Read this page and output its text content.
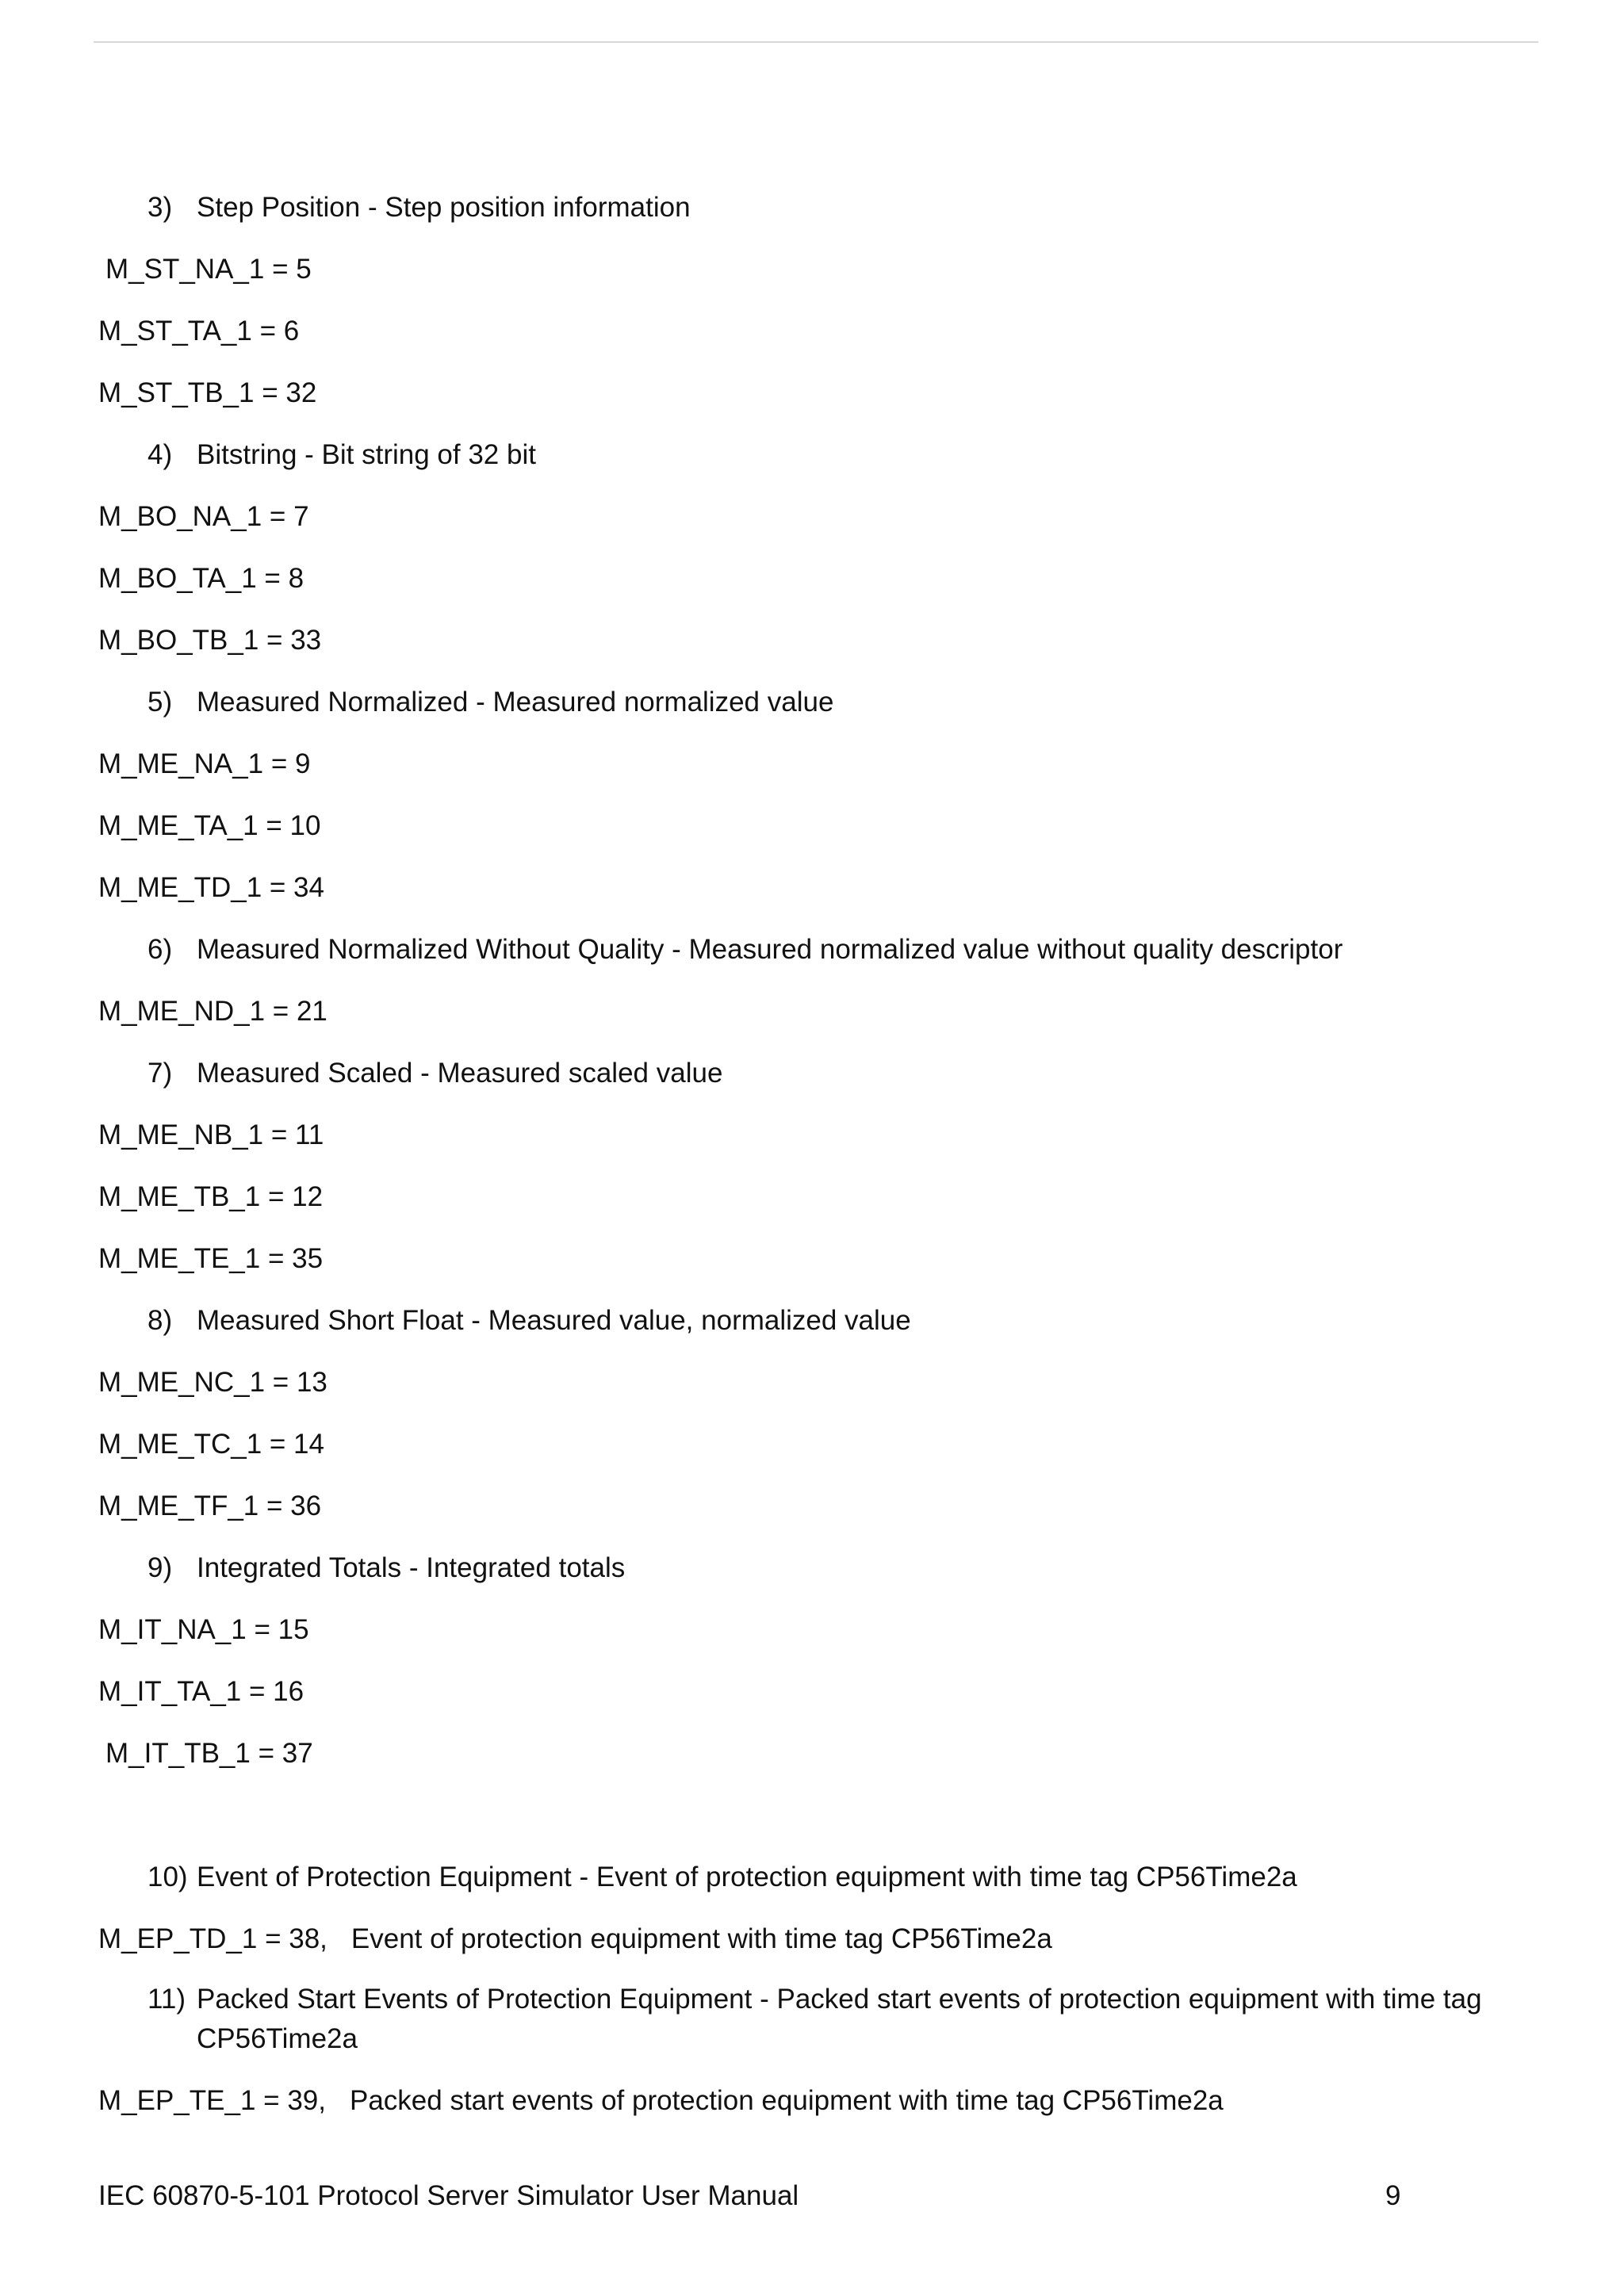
3) Step Position - Step position information
M_ST_NA_1 = 5
M_ST_TA_1 = 6
M_ST_TB_1 = 32
4) Bitstring - Bit string of 32 bit
M_BO_NA_1 = 7
M_BO_TA_1 = 8
M_BO_TB_1 = 33
5) Measured Normalized - Measured normalized value
M_ME_NA_1 = 9
M_ME_TA_1 = 10
M_ME_TD_1 = 34
6) Measured Normalized Without Quality - Measured normalized value without quality descriptor
M_ME_ND_1 = 21
7) Measured Scaled - Measured scaled value
M_ME_NB_1 = 11
M_ME_TB_1 = 12
M_ME_TE_1 = 35
8) Measured Short Float - Measured value, normalized value
M_ME_NC_1 = 13
M_ME_TC_1 = 14
M_ME_TF_1 = 36
9) Integrated Totals - Integrated totals
M_IT_NA_1 = 15
M_IT_TA_1 = 16
M_IT_TB_1 = 37
10) Event of Protection Equipment - Event of protection equipment with time tag CP56Time2a
M_EP_TD_1 = 38, Event of protection equipment with time tag CP56Time2a
11) Packed Start Events of Protection Equipment - Packed start events of protection equipment with time tag
CP56Time2a
M_EP_TE_1 = 39, Packed start events of protection equipment with time tag CP56Time2a
IEC 60870-5-101 Protocol Server Simulator User Manual	9
